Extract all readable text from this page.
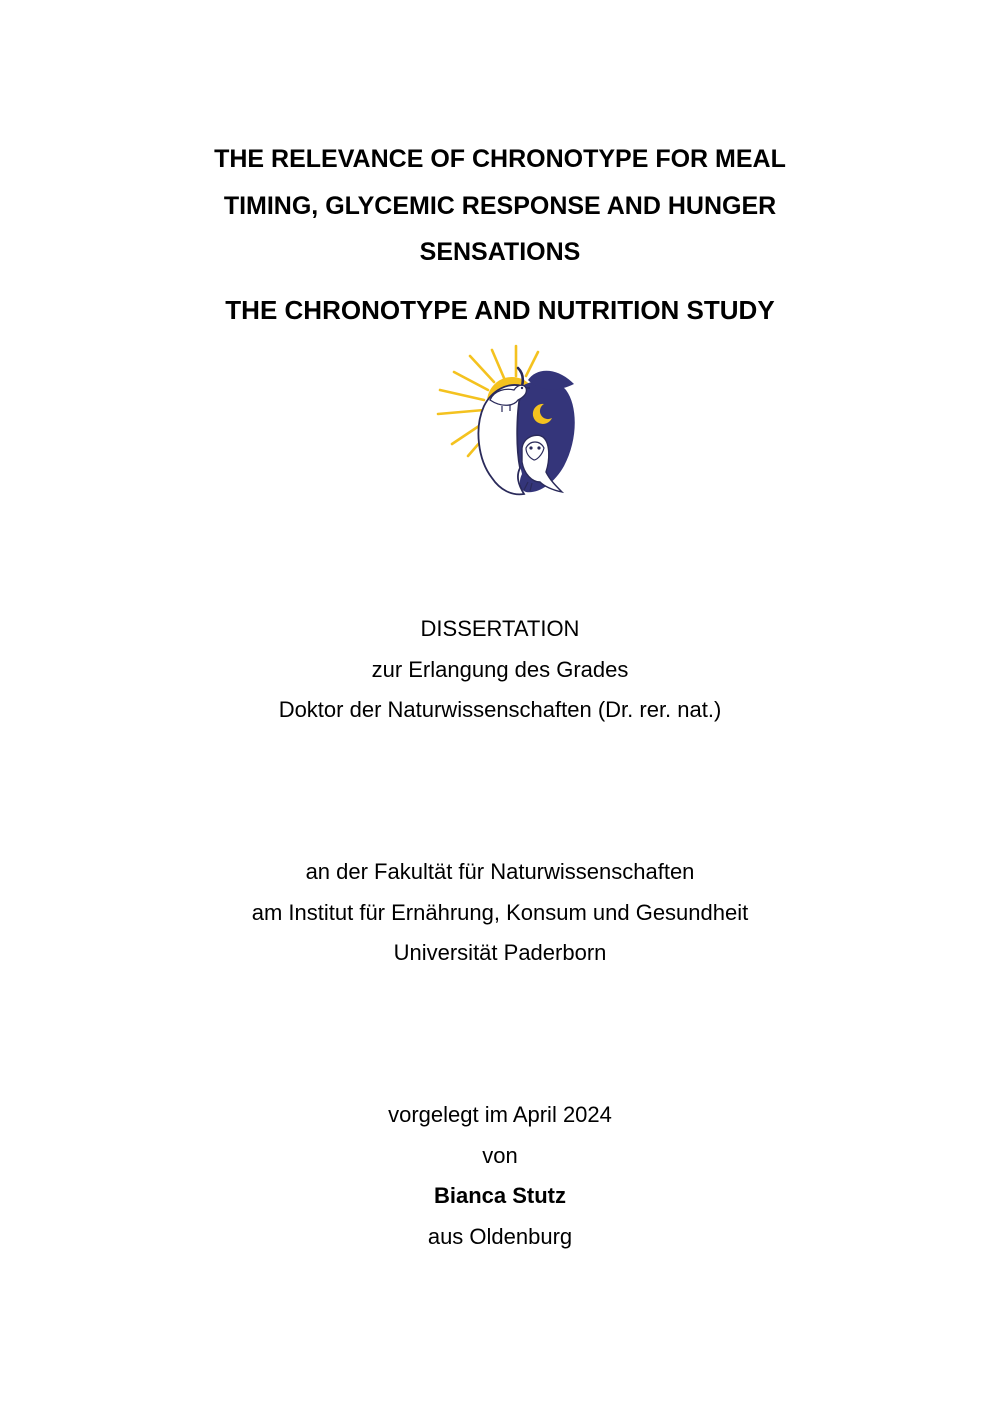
THE RELEVANCE OF CHRONOTYPE FOR MEAL
TIMING, GLYCEMIC RESPONSE AND HUNGER
SENSATIONS
THE CHRONOTYPE AND NUTRITION STUDY
DISSERTATION
zur Erlangung des Grades
Doktor der Naturwissenschaften (Dr. rer. nat.)
an der Fakultät für Naturwissenschaften
am Institut für Ernährung, Konsum und Gesundheit
Universität Paderborn
vorgelegt im April 2024
von
Bianca Stutz
aus Oldenburg
